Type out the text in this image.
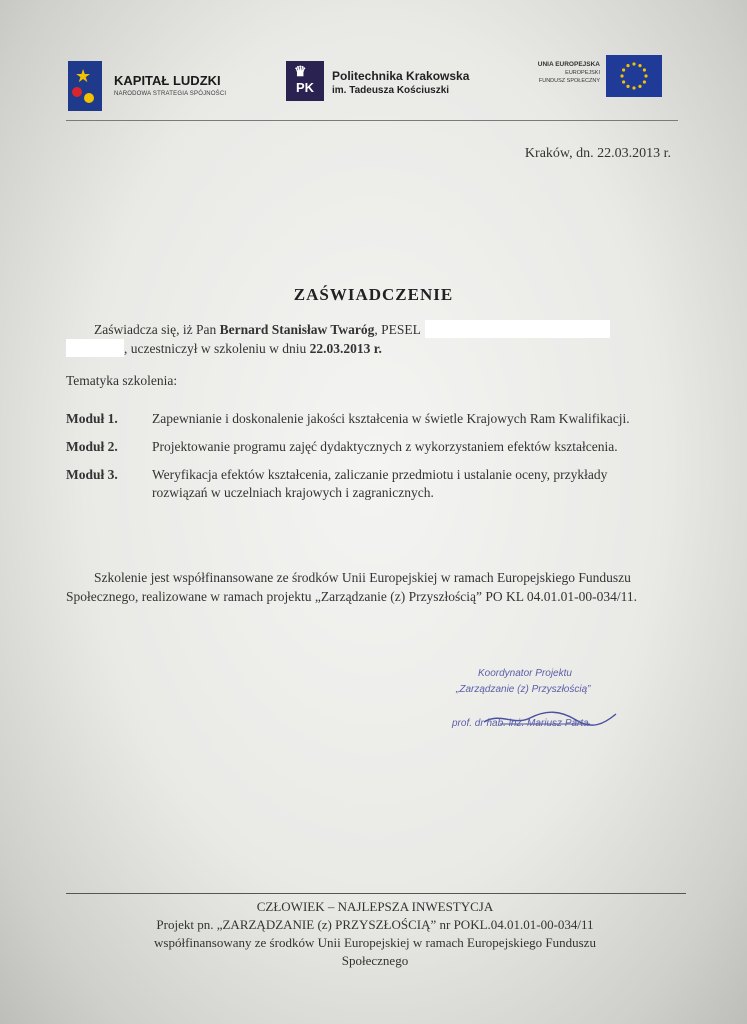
★ KAPITAŁ LUDZKI
NARODOWA STRATEGIA SPÓJNOŚCI
♛
PK
Politechnika Krakowska
im. Tadeusza Kościuszki
UNIA EUROPEJSKA
EUROPEJSKI
FUNDUSZ SPOŁECZNY
Kraków, dn. 22.03.2013 r.
ZAŚWIADCZENIE
Zaświadcza się, iż Pan Bernard Stanisław Twaróg, PESEL , uczestniczył w szkoleniu w dniu 22.03.2013 r.
Tematyka szkolenia:
Moduł 1.	Zapewnianie i doskonalenie jakości kształcenia w świetle Krajowych Ram Kwalifikacji.
Moduł 2.	Projektowanie programu zajęć dydaktycznych z wykorzystaniem efektów kształcenia.
Moduł 3.	Weryfikacja efektów kształcenia, zaliczanie przedmiotu i ustalanie oceny, przykłady rozwiązań w uczelniach krajowych i zagranicznych.
Szkolenie jest współfinansowane ze środków Unii Europejskiej w ramach Europejskiego Funduszu Społecznego, realizowane w ramach projektu „Zarządzanie (z) Przyszłością” PO KL 04.01.01-00-034/11.
Koordynator Projektu
„Zarządzanie (z) Przyszłością”
prof. dr hab. inż. Mariusz Parta
CZŁOWIEK – NAJLEPSZA INWESTYCJA
Projekt pn. „ZARZĄDZANIE (z) PRZYSZŁOŚCIĄ” nr POKL.04.01.01-00-034/11
współfinansowany ze środków Unii Europejskiej w ramach Europejskiego Funduszu
Społecznego
